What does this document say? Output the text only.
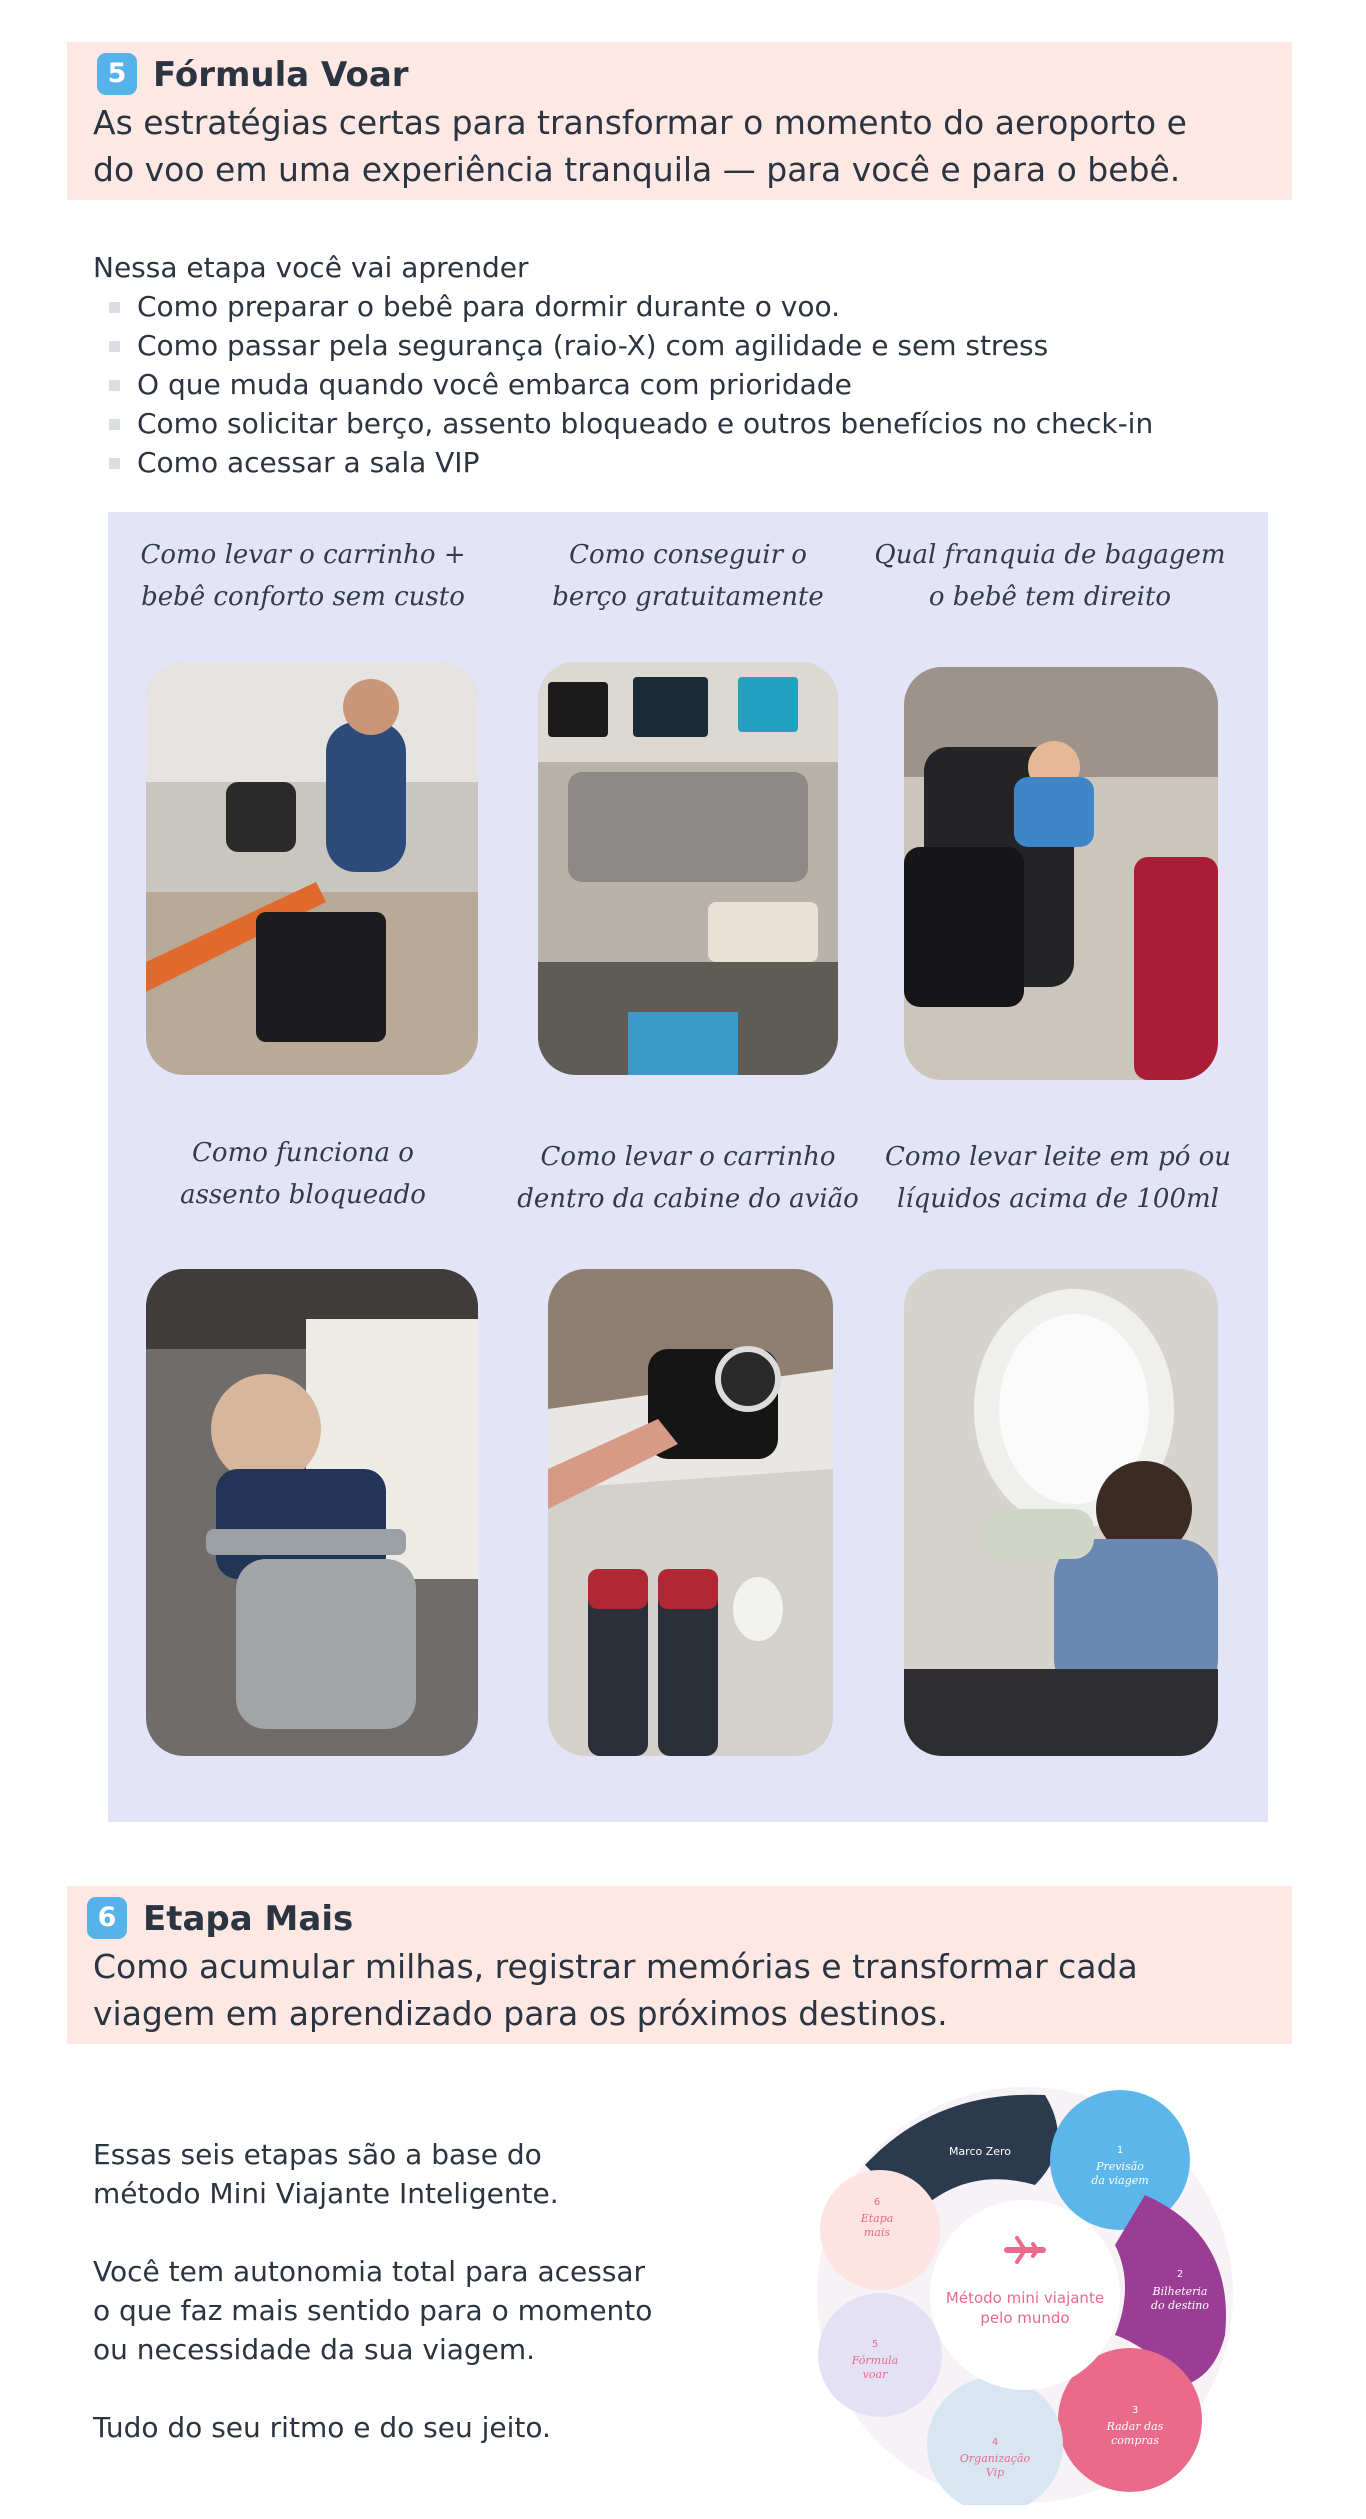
5 Fórmula Voar
As estratégias certas para transformar o momento do aeroporto e
do voo em uma experiência tranquila — para você e para o bebê.
Nessa etapa você vai aprender
Como preparar o bebê para dormir durante o voo.
Como passar pela segurança (raio-X) com agilidade e sem stress
O que muda quando você embarca com prioridade
Como solicitar berço, assento bloqueado e outros benefícios no check-in
Como acessar a sala VIP
Como levar o carrinho +
bebê conforto sem custo
Como conseguir o
berço gratuitamente
Qual franquia de bagagem
o bebê tem direito
Como funciona o
assento bloqueado
Como levar o carrinho
dentro da cabine do avião
Como levar leite em pó ou
líquidos acima de 100ml
6 Etapa Mais
Como acumular milhas, registrar memórias e transformar cada
viagem em aprendizado para os próximos destinos.

Essas seis etapas são a base do
método Mini Viajante Inteligente.

Você tem autonomia total para acessar
o que faz mais sentido para o momento
ou necessidade da sua viagem.

Tudo do seu ritmo e do seu jeito.

Marco Zero	1
Previsão
da viagem
2
Bilheteria
do destino
3
Radar das
compras
4
Organização
Vip
5
Fórmula
voar
6
Etapa
mais
Método mini viajante
pelo mundo
